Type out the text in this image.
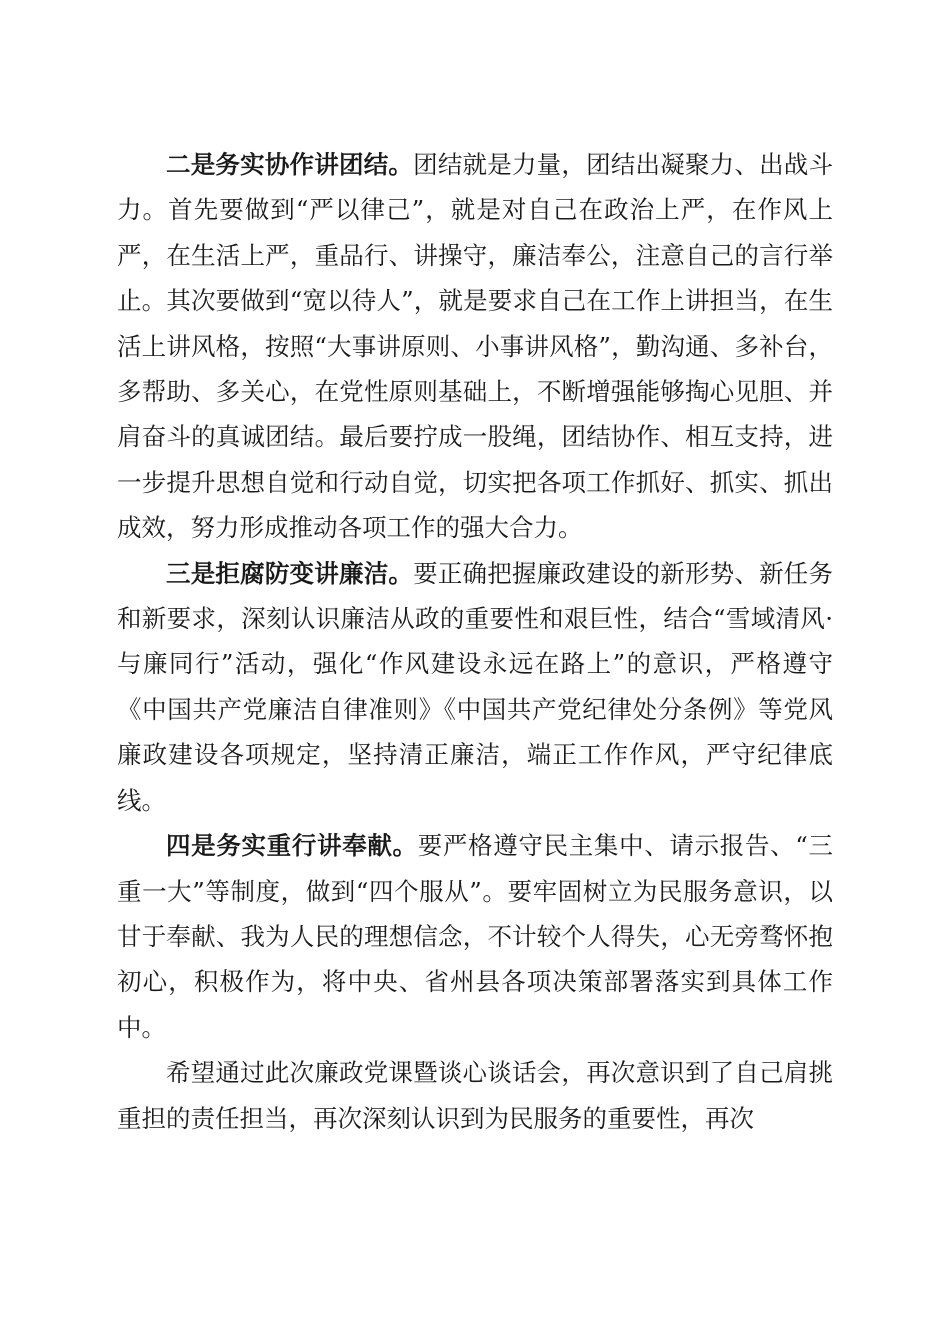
二是务实协作讲团结。团结就是力量，团结出凝聚力、出战斗力。首先要做到“严以律己”，就是对自己在政治上严，在作风上严，在生活上严，重品行、讲操守，廉洁奉公，注意自己的言行举止。其次要做到“宽以待人”，就是要求自己在工作上讲担当，在生活上讲风格，按照“大事讲原则、小事讲风格”，勤沟通、多补台，多帮助、多关心，在党性原则基础上，不断增强能够掏心见胆、并肩奋斗的真诚团结。最后要拧成一股绳，团结协作、相互支持，进一步提升思想自觉和行动自觉，切实把各项工作抓好、抓实、抓出成效，努力形成推动各项工作的强大合力。

三是拒腐防变讲廉洁。要正确把握廉政建设的新形势、新任务和新要求，深刻认识廉洁从政的重要性和艰巨性，结合“雪域清风·与廉同行”活动，强化“作风建设永远在路上”的意识，严格遵守《中国共产党廉洁自律准则》《中国共产党纪律处分条例》等党风廉政建设各项规定，坚持清正廉洁，端正工作作风，严守纪律底线。

四是务实重行讲奉献。要严格遵守民主集中、请示报告、“三重一大”等制度，做到“四个服从”。要牢固树立为民服务意识，以甘于奉献、我为人民的理想信念，不计较个人得失，心无旁骛怀抱初心，积极作为，将中央、省州县各项决策部署落实到具体工作中。

希望通过此次廉政党课暨谈心谈话会，再次意识到了自己肩挑重担的责任担当，再次深刻认识到为民服务的重要性，再次
